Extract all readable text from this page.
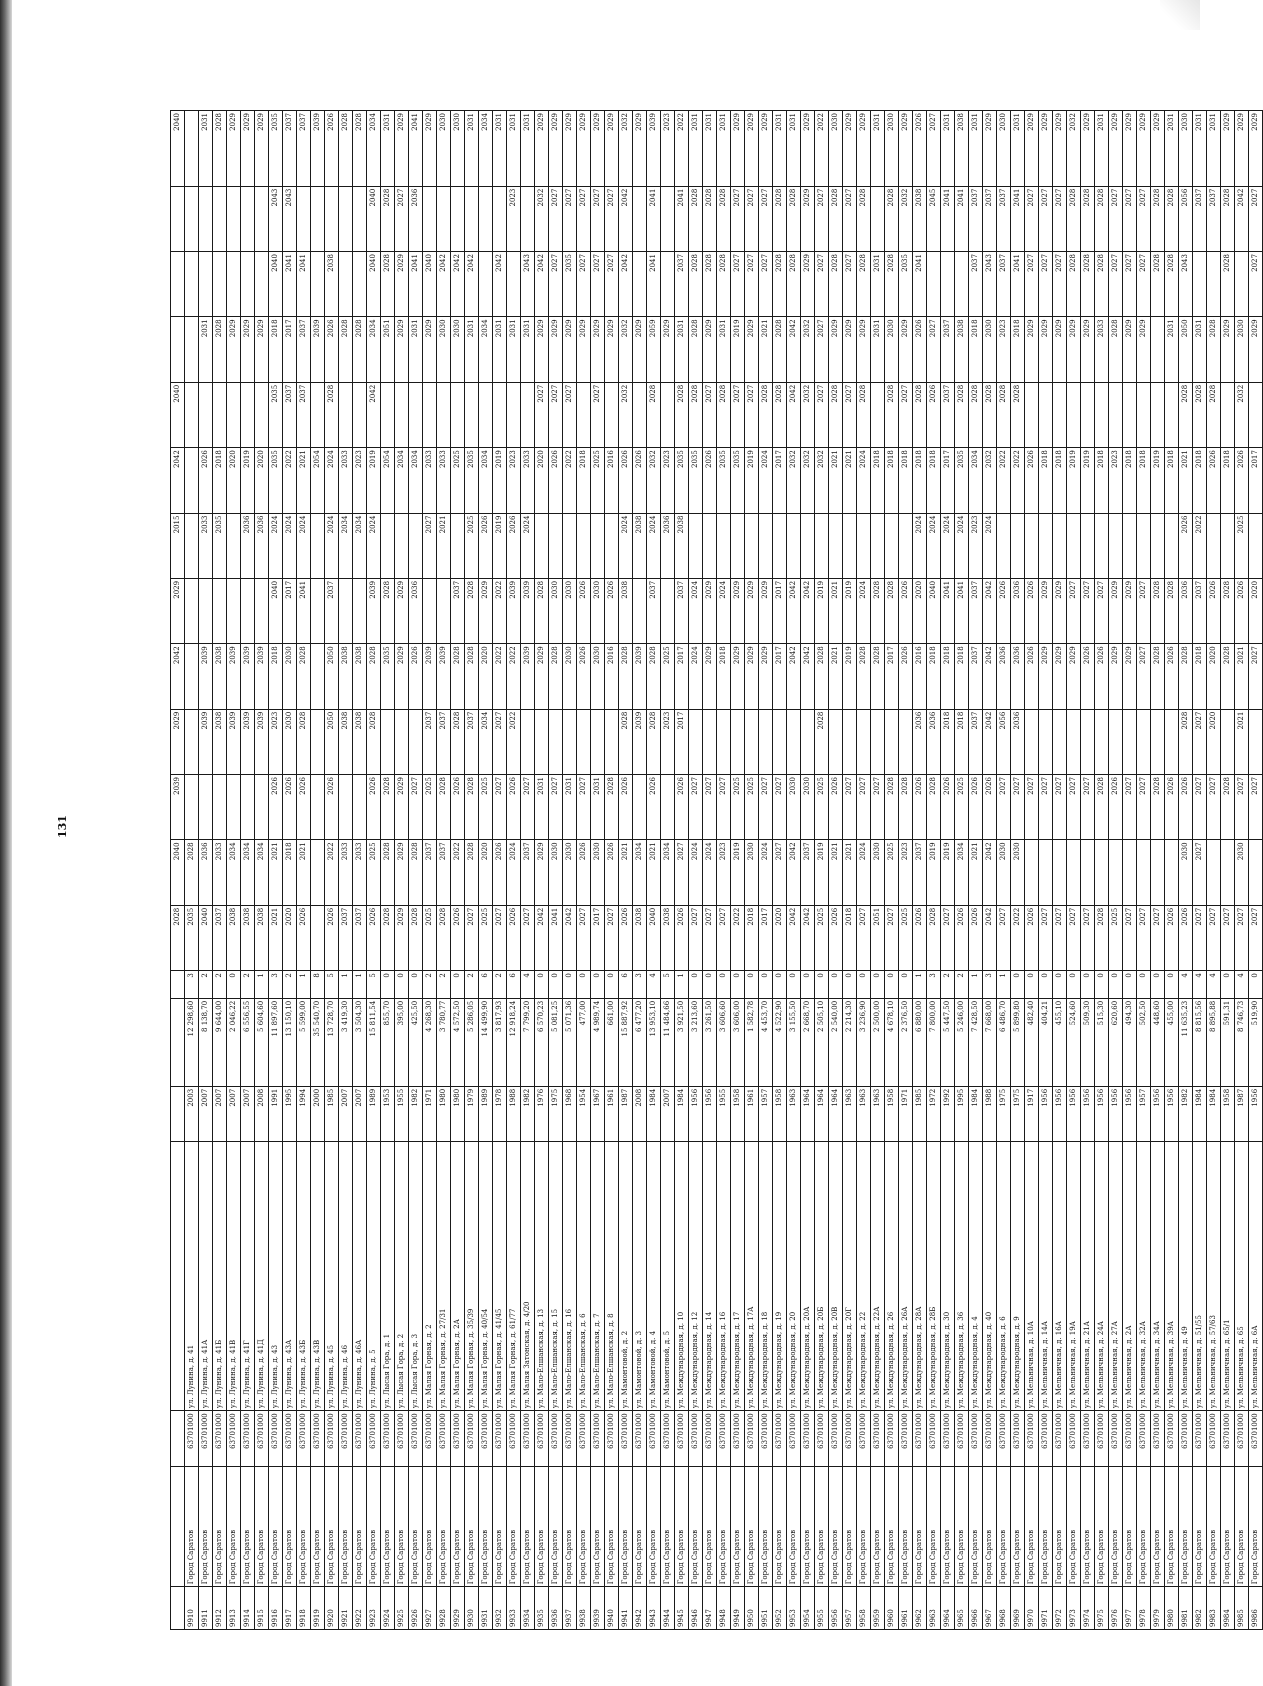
131
							2028	2040	2039	2029	2042	2029	2015	2042	2040				2040
9910	Город Саратов	63701000	ул. Лунина, д. 41	2003	12 298,60	3	2035	2028											
9911	Город Саратов	63701000	ул. Лунина, д. 41А	2007	8 138,70	2	2040	2036		2039	2039		2033	2026		2031			2031
9912	Город Саратов	63701000	ул. Лунина, д. 41Б	2007	9 644,00	2	2037	2033		2038	2038		2035	2018		2028			2028
9913	Город Саратов	63701000	ул. Лунина, д. 41В	2007	2 046,22	0	2038	2034		2039	2039			2020		2029			2029
9914	Город Саратов	63701000	ул. Лунина, д. 41Г	2007	6 556,55	2	2038	2034		2039	2039		2036	2019		2029			2029
9915	Город Саратов	63701000	ул. Лунина, д. 41Д	2008	5 604,60	1	2038	2034		2039	2039		2036	2020		2029			2029
9916	Город Саратов	63701000	ул. Лунина, д. 43	1991	11 897,60	3	2021	2021	2026	2023	2018	2040	2024	2035	2035	2018	2040	2043	2035
9917	Город Саратов	63701000	ул. Лунина, д. 43А	1995	13 150,10	2	2020	2018	2026	2030	2030	2017	2024	2022	2037	2017	2041	2043	2037
9918	Город Саратов	63701000	ул. Лунина, д. 43Б	1994	5 599,00	1	2026	2021	2026	2028	2028	2041	2024	2021	2037	2037	2041		2037
9919	Город Саратов	63701000	ул. Лунина, д. 43В	2000	35 540,70	8								2054		2039			2039
9920	Город Саратов	63701000	ул. Лунина, д. 45	1985	13 728,70	5	2026	2022	2026	2050	2050	2037	2024	2024	2028	2026	2038		2026
9921	Город Саратов	63701000	ул. Лунина, д. 46	2007	3 419,30	1	2037	2033		2038	2038		2034	2033		2028			2028
9922	Город Саратов	63701000	ул. Лунина, д. 46А	2007	3 504,30	1	2037	2033		2038	2038		2034	2023		2028			2028
9923	Город Саратов	63701000	ул. Лунина, д. 5	1989	15 811,54	5	2026	2025	2026	2028	2028	2039	2024	2019	2042	2034	2040	2040	2034
9924	Город Саратов	63701000	ул. Лысая Гора, д. 1	1953	855,70	0	2028	2028	2028		2035	2028		2054		2051	2028	2028	2031
9925	Город Саратов	63701000	ул. Лысая Гора, д. 2	1955	395,00	0	2029	2029	2029		2029	2029		2034		2029	2029	2027	2029
9926	Город Саратов	63701000	ул. Лысая Горa, д. 3	1982	425,50	0	2028	2028	2027		2026	2036		2034		2031	2041	2036	2041
9927	Город Саратов	63701000	ул. Малая Горная, д. 2	1971	4 268,30	2	2025	2037	2025	2037	2039		2027	2033		2029	2040		2029
9928	Город Саратов	63701000	ул. Малая Горная, д. 27/31	1980	3 780,77	2	2028	2037	2028	2037	2039		2021	2033		2030	2042		2030
9929	Город Саратов	63701000	ул. Малая Горная, д. 2А	1980	4 572,50	0	2026	2022	2026	2028	2028	2037		2025		2030	2042		2030
9930	Город Саратов	63701000	ул. Малая Горная, д. 35/39	1979	5 286,05	2	2027	2028	2028	2037	2028	2028	2025	2035		2031	2042		2031
9931	Город Саратов	63701000	ул. Малая Горная, д. 40/54	1989	14 499,90	6	2025	2020	2025	2034	2020	2029	2026	2034		2034			2034
9932	Город Саратов	63701000	ул. Малая Горная, д. 41/45	1978	3 817,93	2	2027	2026	2027	2027	2022	2022	2019	2019		2031	2042		2031
9933	Город Саратов	63701000	ул. Малая Горная, д. 61/77	1988	12 918,24	6	2026	2024	2026	2022	2022	2039	2026	2023		2031		2023	2031
9934	Город Саратов	63701000	ул. Малая Затонская, д. 4/20	1982	7 799,20	4	2027	2037	2027		2039	2039	2024	2033		2031	2043		2031
9935	Город Саратов	63701000	ул. Мало-Елшанская, д. 13	1976	6 570,23	0	2042	2029	2031		2029	2028		2020	2027	2029	2042	2032	2029
9936	Город Саратов	63701000	ул. Мало-Елшанская, д. 15	1975	5 081,25	0	2041	2030	2027		2028	2030		2026	2027	2029	2027	2027	2029
9937	Город Саратов	63701000	ул. Мало-Елшанская, д. 16	1968	5 071,36	0	2042	2030	2031		2030	2030		2022	2027	2029	2035	2027	2029
9938	Город Саратов	63701000	ул. Мало-Елшанская, д. 6	1954	477,00	0	2027	2026	2027		2026	2026		2018		2029	2027	2027	2029
9939	Город Саратов	63701000	ул. Мало-Елшанская, д. 7	1967	4 989,74	0	2017	2030	2031		2030	2030		2025	2027	2029	2027	2027	2029
9940	Город Саратов	63701000	ул. Мало-Елшанская, д. 8	1961	661,00	0	2027	2026	2028		2016	2026		2016		2029	2027	2027	2029
9941	Город Саратов	63701000	ул. Мамонтовой, д. 2	1987	15 887,92	6	2026	2021	2026	2028	2028	2038	2024	2026	2032	2032	2042	2042	2032
9942	Город Саратов	63701000	ул. Мамонтовой, д. 3	2008	6 477,20	3	2038	2034		2039	2039		2038	2026		2029			2029
9943	Город Саратов	63701000	ул. Мамонтовой, д. 4	1984	13 953,10	4	2040	2021	2026	2028	2028	2037	2024	2032	2028	2059	2041	2041	2039
9944	Город Саратов	63701000	ул. Мамонтовой, д. 5	2007	11 484,66	5	2038	2034		2023	2025		2036	2023		2029			2023
9945	Город Саратов	63701000	ул. Международная, д. 10	1984	3 921,50	1	2026	2027	2026	2017	2017	2037	2038	2035	2028	2031	2037	2041	2022
9946	Город Саратов	63701000	ул. Международная, д. 12	1956	3 213,60	0	2027	2024	2027		2024	2024		2035	2028	2028	2028	2028	2031
9947	Город Саратов	63701000	ул. Международная, д. 14	1956	3 261,50	0	2027	2024	2027		2029	2029		2026	2027	2029	2028	2028	2031
9948	Город Саратов	63701000	ул. Международная, д. 16	1955	3 606,60	0	2027	2023	2027		2018	2024		2035	2028	2031	2028	2028	2031
9949	Город Саратов	63701000	ул. Международная, д. 17	1958	3 606,00	0	2022	2019	2025		2029	2029		2035	2027	2019	2027	2027	2029
9950	Город Саратов	63701000	ул. Международная, д. 17А	1961	1 582,78	0	2018	2030	2025		2029	2029		2019	2027	2029	2027	2027	2029
9951	Город Саратов	63701000	ул. Международная, д. 18	1957	4 453,70	0	2017	2024	2027		2029	2029		2024	2028	2021	2027	2027	2029
9952	Город Саратов	63701000	ул. Международная, д. 19	1958	4 522,90	0	2020	2027	2027		2017	2017		2017	2028	2028	2028	2028	2031
9953	Город Саратов	63701000	ул. Международная, д. 20	1963	3 155,50	0	2042	2042	2030		2042	2042		2032	2042	2042	2028	2028	2031
9954	Город Саратов	63701000	ул. Международная, д. 20А	1964	2 668,70	0	2042	2037	2030		2042	2042		2032	2032	2032	2029	2029	2029
9955	Город Саратов	63701000	ул. Международная, д. 20Б	1964	2 505,10	0	2025	2019	2025	2028	2028	2019		2032	2027	2027	2027	2027	2022
9956	Город Саратов	63701000	ул. Международная, д. 20В	1964	2 540,00	0	2026	2021	2026		2021	2021		2021	2028	2029	2028	2028	2030
9957	Город Саратов	63701000	ул. Международная, д. 20Г	1963	2 214,30	0	2018	2021	2027		2019	2019		2021	2027	2029	2027	2027	2029
9958	Город Саратов	63701000	ул. Международная, д. 22	1963	3 236,90	0	2027	2024	2027		2028	2024		2024	2028	2029	2028	2028	2029
9959	Город Саратов	63701000	ул. Международная, д. 22А	1963	2 500,00	0	2051	2030	2027		2028	2028		2018		2031	2031		2031
9960	Город Саратов	63701000	ул. Международная, д. 26	1958	4 678,10	0	2027	2025	2028		2017	2028		2018	2028	2030	2028	2028	2030
9961	Город Саратов	63701000	ул. Международная, д. 26А	1971	2 376,50	0	2025	2023	2028		2026	2026		2018	2027	2029	2035	2032	2029
9962	Город Саратов	63701000	ул. Международная, д. 28А	1985	6 880,00	1	2026	2037	2026	2036	2016	2020	2024	2018	2028	2026	2041	2038	2026
9963	Город Саратов	63701000	ул. Международная, д. 28Б	1972	7 800,00	3	2028	2019	2028	2036	2018	2040	2024	2018	2026	2027		2045	2027
9964	Город Саратов	63701000	ул. Международная, д. 30	1992	5 447,50	2	2027	2019	2026	2018	2018	2041	2024	2017	2037	2037		2041	2031
9965	Город Саратов	63701000	ул. Международная, д. 36	1995	5 246,00	2	2026	2034	2025	2018	2018	2041	2024	2035	2028	2038		2041	2038
9966	Город Саратов	63701000	ул. Международная, д. 4	1984	7 428,50	1	2026	2021	2026	2037	2037	2037	2023	2034	2028	2018	2037	2037	2031
9967	Город Саратов	63701000	ул. Международная, д. 40	1988	7 668,00	3	2042	2042	2026	2042	2042	2042	2024	2032	2028	2030	2043	2037	2029
9968	Город Саратов	63701000	ул. Международная, д. 6	1975	6 486,70	1	2027	2030	2027	2056	2036	2026		2022	2028	2023	2037	2037	2030
9969	Город Саратов	63701000	ул. Международная, д. 9	1975	5 899,80	0	2022	2030	2027	2036	2036	2036		2022	2028	2018	2041	2041	2031
9970	Город Саратов	63701000	ул. Мельничная, д. 10А	1917	482,40	0	2026		2027		2026	2026		2026		2029	2027	2027	2029
9971	Город Саратов	63701000	ул. Мельничная, д. 14А	1956	404,21	0	2027		2027		2029	2029		2018		2029	2027	2027	2029
9972	Город Саратов	63701000	ул. Мельничная, д. 16А	1956	455,10	0	2027		2027		2029	2029		2018		2029	2027	2027	2029
9973	Город Саратов	63701000	ул. Мельничная, д. 19А	1956	524,60	0	2027		2027		2029	2027		2019		2029	2028	2028	2032
9974	Город Саратов	63701000	ул. Мельничная, д. 21А	1956	509,30	0	2027		2027		2026	2027		2019		2029	2028	2028	2029
9975	Город Саратов	63701000	ул. Мельничная, д. 24А	1956	515,30	0	2028		2028		2026	2027		2018		2033	2028	2028	2031
9976	Город Саратов	63701000	ул. Мельничная, д. 27А	1956	620,60	0	2025		2026		2029	2029		2023		2028	2027	2027	2029
9977	Город Саратов	63701000	ул. Мельничная, д. 2А	1956	494,30	0	2027		2027		2029	2029		2018		2029	2027	2027	2029
9978	Город Саратов	63701000	ул. Мельничная, д. 32А	1957	502,50	0	2027		2027		2027	2027		2018		2029	2027	2027	2029
9979	Город Саратов	63701000	ул. Мельничная, д. 34А	1956	448,60	0	2027		2028		2028	2028		2019			2028	2028	2029
9980	Город Саратов	63701000	ул. Мельничная, д. 39А	1956	455,00	0	2026		2026		2026	2028		2018		2031	2028	2028	2031
9981	Город Саратов	63701000	ул. Мельничная, д. 49	1982	11 635,23	4	2026	2030	2026	2028	2028	2036	2026	2021	2028	2050	2043	2056	2030
9982	Город Саратов	63701000	ул. Мельничная, д. 51/55	1984	8 815,56	4	2027	2027	2027	2027	2018	2037	2022	2018	2028	2031		2037	2031
9983	Город Саратов	63701000	ул. Мельничная, д. 57/63	1984	8 895,88	4	2027		2027	2020	2020	2026		2026	2028	2028		2037	2031
9984	Город Саратов	63701000	ул. Мельничная, д. 65/1	1958	591,31	0	2027		2028		2028	2028		2018		2029	2028	2028	2029
9985	Город Саратов	63701000	ул. Мельничная, д. 65	1987	8 746,73	4	2027	2030	2027	2021	2021	2026	2025	2026	2032	2030		2042	2029
9986	Город Саратов	63701000	ул. Мельничная, д. 6А	1956	519,90	0	2027		2027		2027	2020		2017		2029	2027	2027	2029
